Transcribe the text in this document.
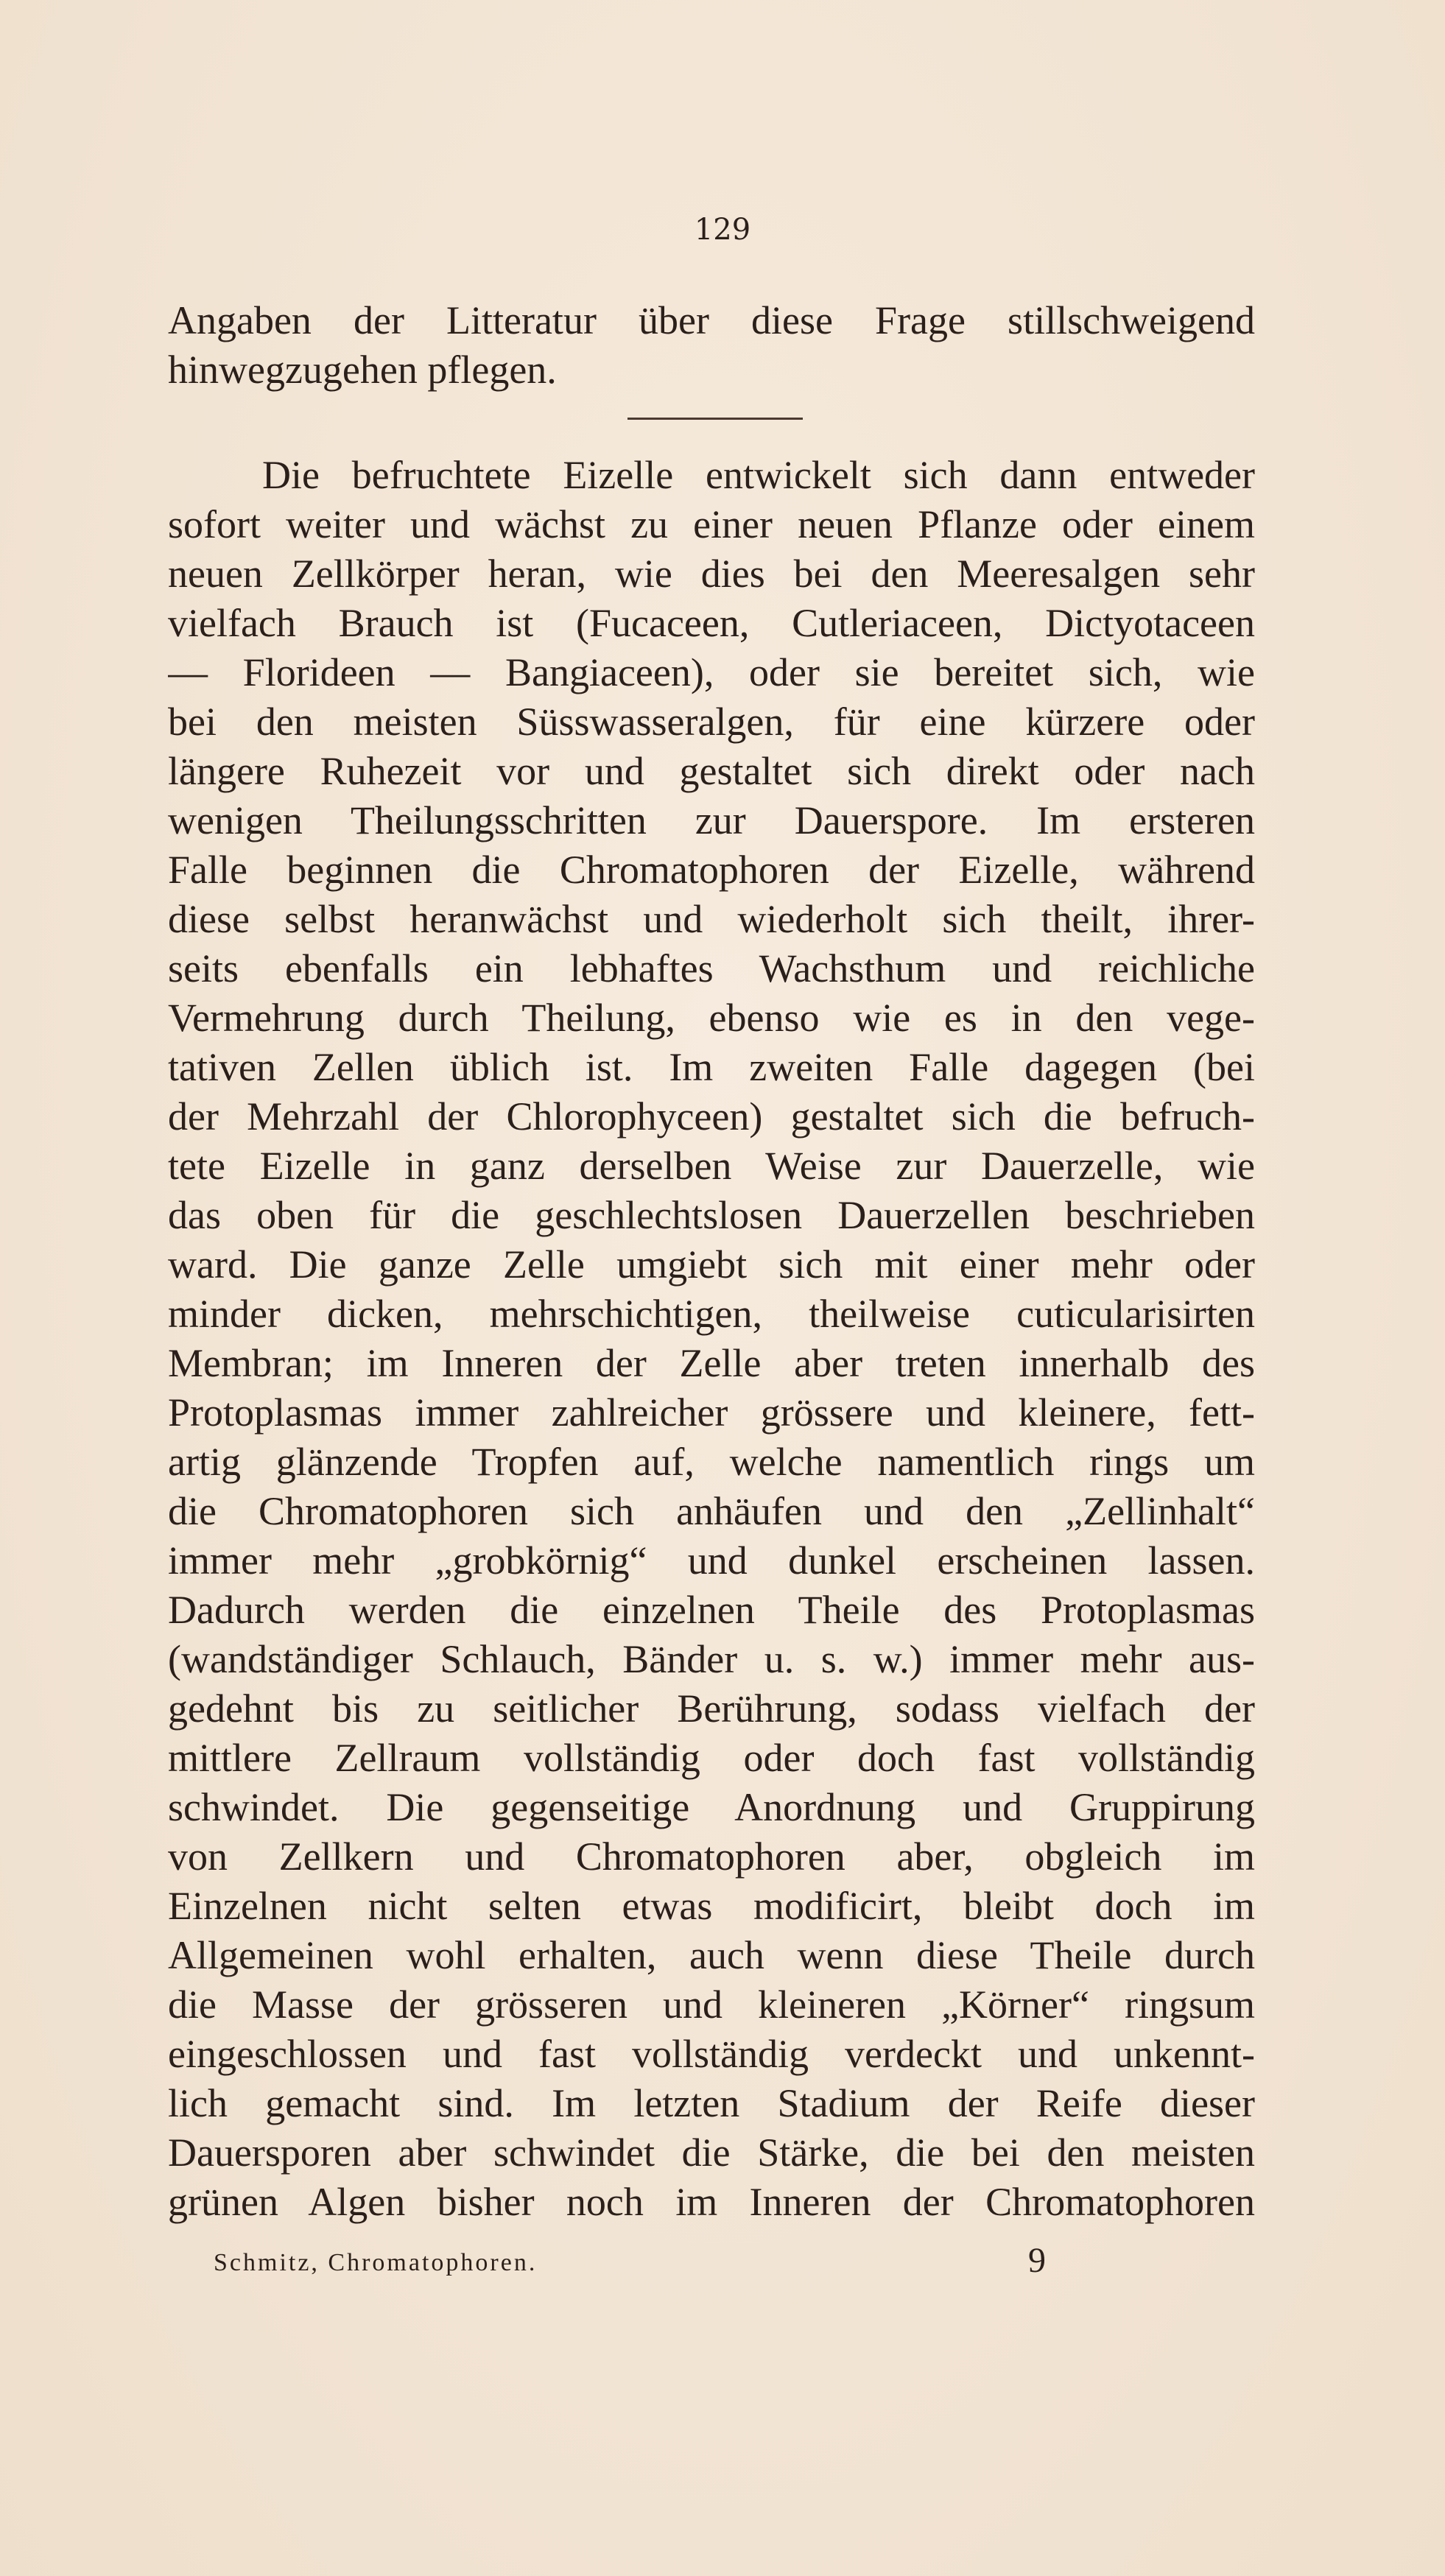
129
Angaben der Litteratur über diese Frage stillschweigend
hinwegzugehen pflegen.
Die befruchtete Eizelle entwickelt sich dann entweder
sofort weiter und wächst zu einer neuen Pflanze oder einem
neuen Zellkörper heran, wie dies bei den Meeresalgen sehr
vielfach Brauch ist (Fucaceen, Cutleriaceen, Dictyotaceen
— Florideen — Bangiaceen), oder sie bereitet sich, wie
bei den meisten Süsswasseralgen, für eine kürzere oder
längere Ruhezeit vor und gestaltet sich direkt oder nach
wenigen Theilungsschritten zur Dauerspore. Im ersteren
Falle beginnen die Chromatophoren der Eizelle, während
diese selbst heranwächst und wiederholt sich theilt, ihrer-
seits ebenfalls ein lebhaftes Wachsthum und reichliche
Vermehrung durch Theilung, ebenso wie es in den vege-
tativen Zellen üblich ist. Im zweiten Falle dagegen (bei
der Mehrzahl der Chlorophyceen) gestaltet sich die befruch-
tete Eizelle in ganz derselben Weise zur Dauerzelle, wie
das oben für die geschlechtslosen Dauerzellen beschrieben
ward. Die ganze Zelle umgiebt sich mit einer mehr oder
minder dicken, mehrschichtigen, theilweise cuticularisirten
Membran; im Inneren der Zelle aber treten innerhalb des
Protoplasmas immer zahlreicher grössere und kleinere, fett-
artig glänzende Tropfen auf, welche namentlich rings um
die Chromatophoren sich anhäufen und den „Zellinhalt“
immer mehr „grobkörnig“ und dunkel erscheinen lassen.
Dadurch werden die einzelnen Theile des Protoplasmas
(wandständiger Schlauch, Bänder u. s. w.) immer mehr aus-
gedehnt bis zu seitlicher Berührung, sodass vielfach der
mittlere Zellraum vollständig oder doch fast vollständig
schwindet. Die gegenseitige Anordnung und Gruppirung
von Zellkern und Chromatophoren aber, obgleich im
Einzelnen nicht selten etwas modificirt, bleibt doch im
Allgemeinen wohl erhalten, auch wenn diese Theile durch
die Masse der grösseren und kleineren „Körner“ ringsum
eingeschlossen und fast vollständig verdeckt und unkennt-
lich gemacht sind. Im letzten Stadium der Reife dieser
Dauersporen aber schwindet die Stärke, die bei den meisten
grünen Algen bisher noch im Inneren der Chromatophoren
Schmitz, Chromatophoren.	9
